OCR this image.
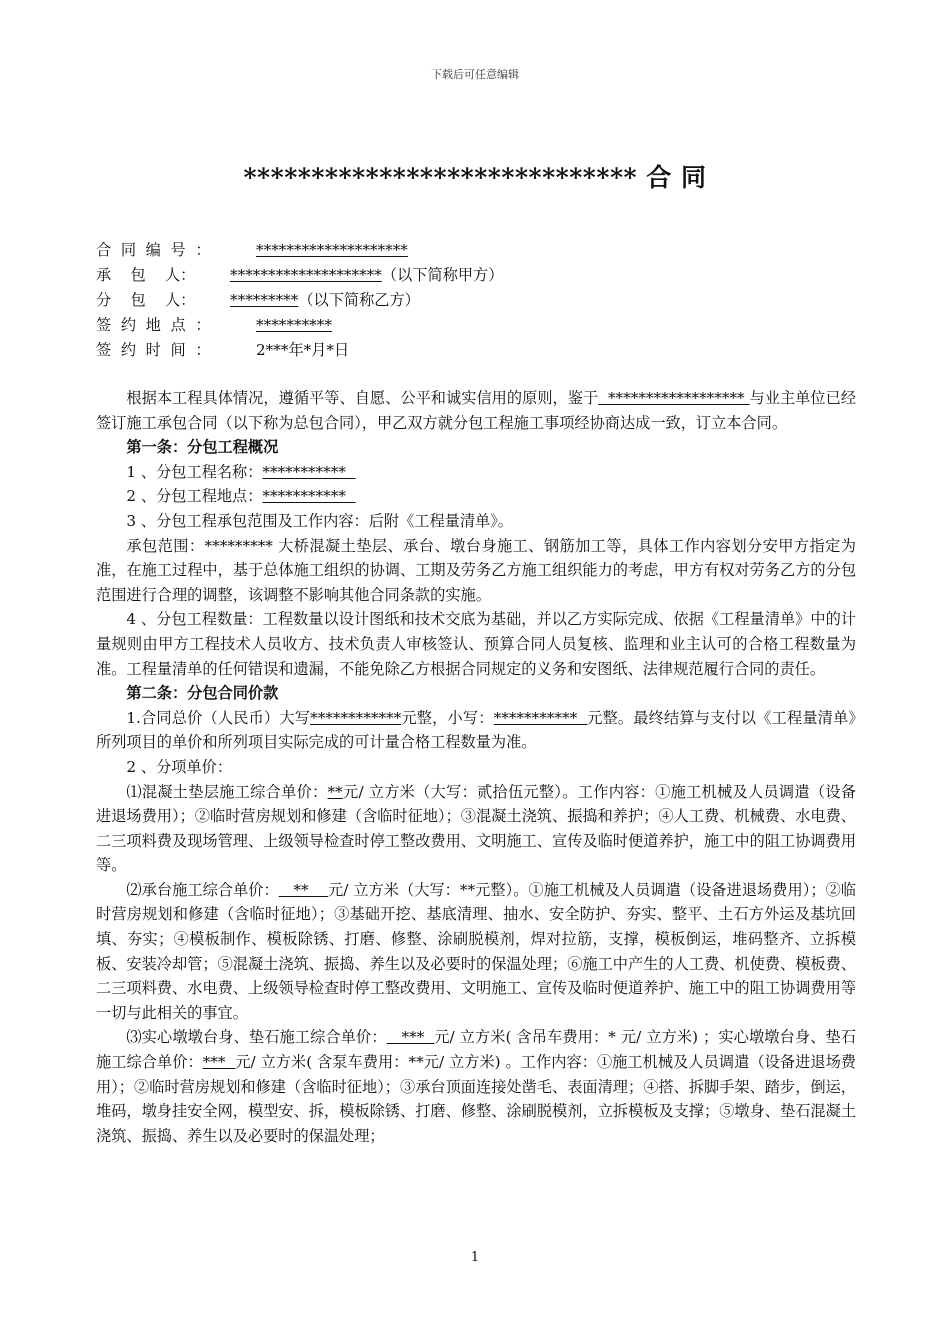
下载后可任意编辑
***************************** 合 同
合  同  编  号  ：	********************
承    包    人：	******************** （以下简称甲方）
分    包    人：	********* （以下简称乙方）
签  约  地  点  ：	**********
签  约  时  间  ：	2***年*月*日

根据本工程具体情况，遵循平等、自愿、公平和诚实信用的原则，鉴于  ****************** 与业主单位已经签订施工承包合同（以下称为总包合同），甲乙双方就分包工程施工事项经协商达成一致，订立本合同。

第一条：分包工程概况

1 、分包工程名称：***********

2 、分包工程地点：***********

3 、分包工程承包范围及工作内容：后附《工程量清单》。

承包范围：********* 大桥混凝土垫层、承台、墩台身施工、钢筋加工等，具体工作内容划分安甲方指定为准，在施工过程中，基于总体施工组织的协调、工期及劳务乙方施工组织能力的考虑，甲方有权对劳务乙方的分包范围进行合理的调整，该调整不影响其他合同条款的实施。

4 、分包工程数量：工程数量以设计图纸和技术交底为基础，并以乙方实际完成、依据《工程量清单》中的计量规则由甲方工程技术人员收方、技术负责人审核签认、预算合同人员复核、监理和业主认可的合格工程数量为准。工程量清单的任何错误和遗漏，不能免除乙方根据合同规定的义务和安图纸、法律规范履行合同的责任。

第二条：分包合同价款

1.合同总价（人民币）大写************元整，小写：***********  元整。最终结算与支付以《工程量清单》所列项目的单价和所列项目实际完成的可计量合格工程数量为准。

2 、分项单价：

⑴混凝土垫层施工综合单价：**元/ 立方米（大写：贰拾伍元整）。工作内容：①施工机械及人员调遣（设备进退场费用）；②临时营房规划和修建（含临时征地）；③混凝土浇筑、振捣和养护；④人工费、机械费、水电费、二三项料费及现场管理、上级领导检查时停工整改费用、文明施工、宣传及临时便道养护，施工中的阻工协调费用等。

⑵承台施工综合单价：   **    元/ 立方米（大写：**元整）。①施工机械及人员调遣（设备进退场费用）；②临时营房规划和修建（含临时征地）；③基础开挖、基底清理、抽水、安全防护、夯实、整平、土石方外运及基坑回填、夯实；④模板制作、模板除锈、打磨、修整、涂刷脱模剂，焊对拉筋，支撑，模板倒运，堆码整齐、立拆模板、安装冷却管；⑤混凝土浇筑、振捣、养生以及必要时的保温处理；⑥施工中产生的人工费、机使费、模板费、二三项料费、水电费、上级领导检查时停工整改费用、文明施工、宣传及临时便道养护、施工中的阻工协调费用等一切与此相关的事宜。

⑶实心墩墩台身、垫石施工综合单价：   ***  元/ 立方米( 含吊车费用：* 元/ 立方米) ；实心墩墩台身、垫石施工综合单价：***  元/ 立方米( 含泵车费用：**元/ 立方米) 。工作内容：①施工机械及人员调遣（设备进退场费用）；②临时营房规划和修建（含临时征地）；③承台顶面连接处凿毛、表面清理；④搭、拆脚手架、踏步，倒运，堆码，墩身挂安全网，模型安、拆，模板除锈、打磨、修整、涂刷脱模剂，立拆模板及支撑；⑤墩身、垫石混凝土浇筑、振捣、养生以及必要时的保温处理；

1
